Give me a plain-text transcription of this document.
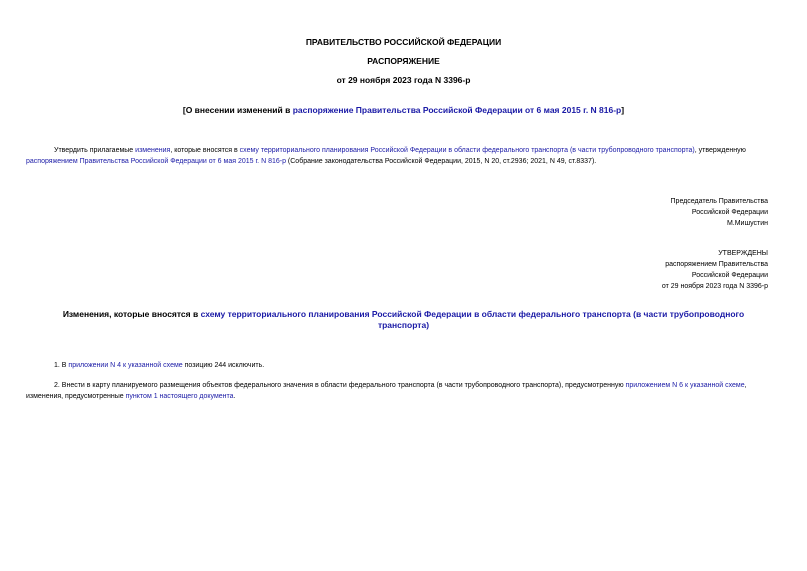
ПРАВИТЕЛЬСТВО РОССИЙСКОЙ ФЕДЕРАЦИИ
РАСПОРЯЖЕНИЕ
от 29 ноября 2023 года N 3396-р
[О внесении изменений в распоряжение Правительства Российской Федерации от 6 мая 2015 г. N 816-р]
Утвердить прилагаемые изменения, которые вносятся в схему территориального планирования Российской Федерации в области федерального транспорта (в части трубопроводного транспорта), утвержденную
распоряжением Правительства Российской Федерации от 6 мая 2015 г. N 816-р (Собрание законодательства Российской Федерации, 2015, N 20, ст.2936; 2021, N 49, ст.8337).
Председатель Правительства
Российской Федерации
М.Мишустин
УТВЕРЖДЕНЫ
распоряжением Правительства
Российской Федерации
от 29 ноября 2023 года N 3396-р
Изменения, которые вносятся в схему территориального планирования Российской Федерации в области федерального транспорта (в части трубопроводного транспорта)
1. В приложении N 4 к указанной схеме позицию 244 исключить.
2. Внести в карту планируемого размещения объектов федерального значения в области федерального транспорта (в части трубопроводного транспорта), предусмотренную приложением N 6 к указанной схеме,
изменения, предусмотренные пунктом 1 настоящего документа.
